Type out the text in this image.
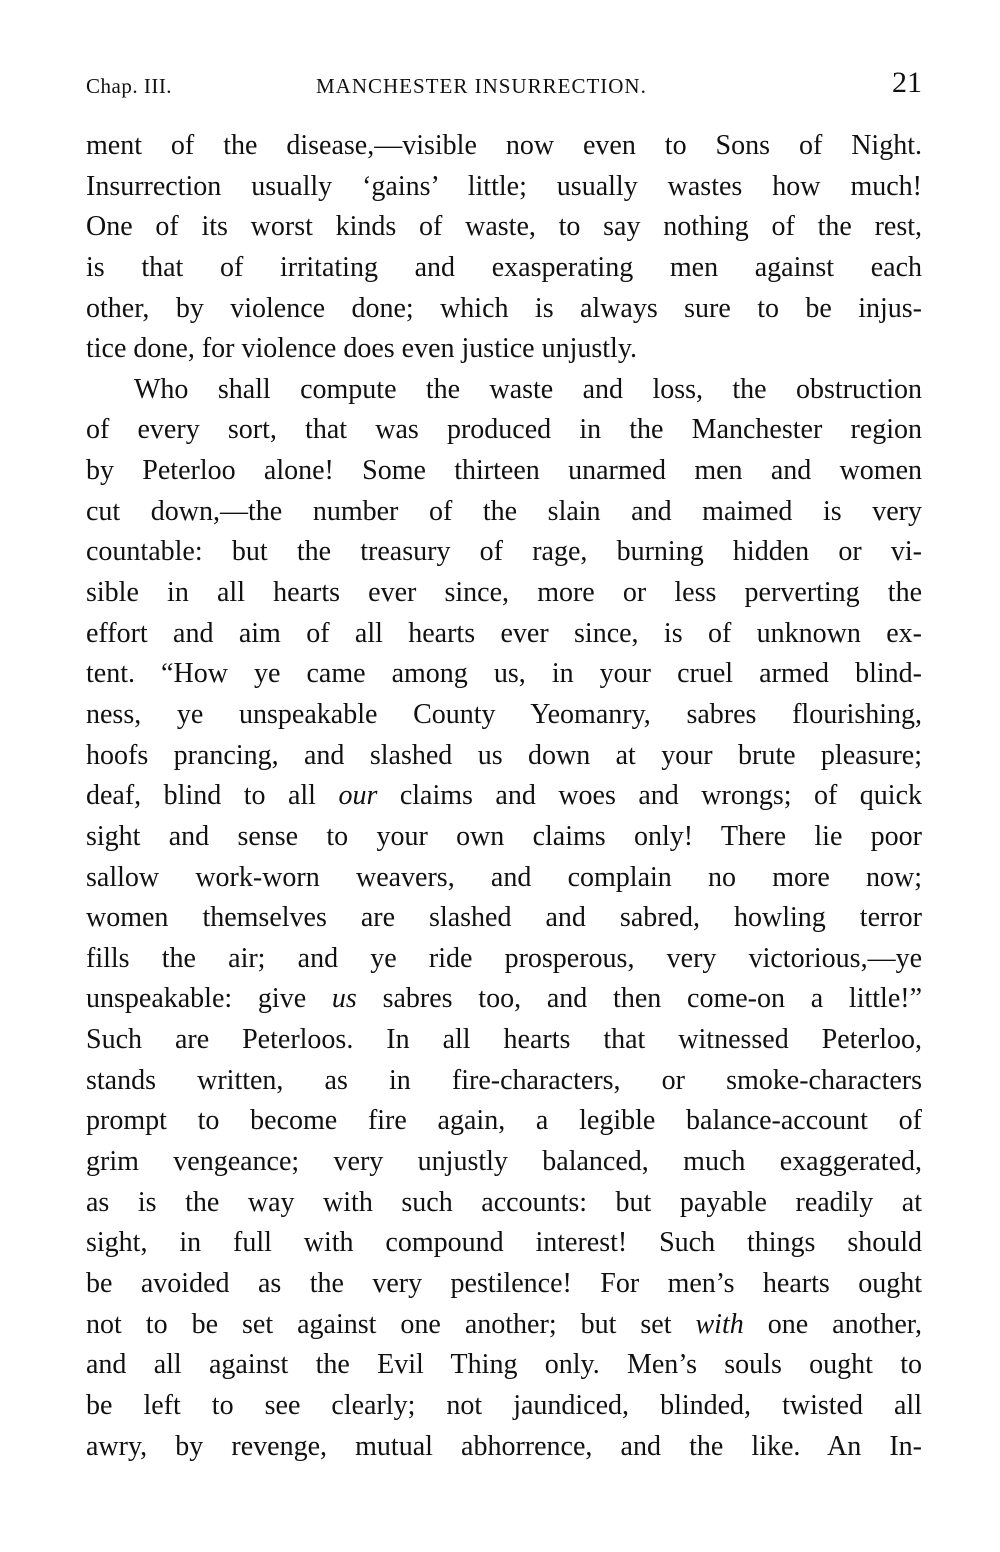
Chap. III.	MANCHESTER INSURRECTION.	21
ment of the disease,—visible now even to Sons of Night.
Insurrection usually ‘gains’ little; usually wastes how much!
One of its worst kinds of waste, to say nothing of the rest,
is that of irritating and exasperating men against each
other, by violence done; which is always sure to be injus-
tice done, for violence does even justice unjustly.
Who shall compute the waste and loss, the obstruction
of every sort, that was produced in the Manchester region
by Peterloo alone! Some thirteen unarmed men and women
cut down,—the number of the slain and maimed is very
countable: but the treasury of rage, burning hidden or vi-
sible in all hearts ever since, more or less perverting the
effort and aim of all hearts ever since, is of unknown ex-
tent. “How ye came among us, in your cruel armed blind-
ness, ye unspeakable County Yeomanry, sabres flourishing,
hoofs prancing, and slashed us down at your brute pleasure;
deaf, blind to all our claims and woes and wrongs; of quick
sight and sense to your own claims only! There lie poor
sallow work-worn weavers, and complain no more now;
women themselves are slashed and sabred, howling terror
fills the air; and ye ride prosperous, very victorious,—ye
unspeakable: give us sabres too, and then come-on a little!”
Such are Peterloos. In all hearts that witnessed Peterloo,
stands written, as in fire-characters, or smoke-characters
prompt to become fire again, a legible balance-account of
grim vengeance; very unjustly balanced, much exaggerated,
as is the way with such accounts: but payable readily at
sight, in full with compound interest! Such things should
be avoided as the very pestilence! For men’s hearts ought
not to be set against one another; but set with one another,
and all against the Evil Thing only. Men’s souls ought to
be left to see clearly; not jaundiced, blinded, twisted all
awry, by revenge, mutual abhorrence, and the like. An In-
